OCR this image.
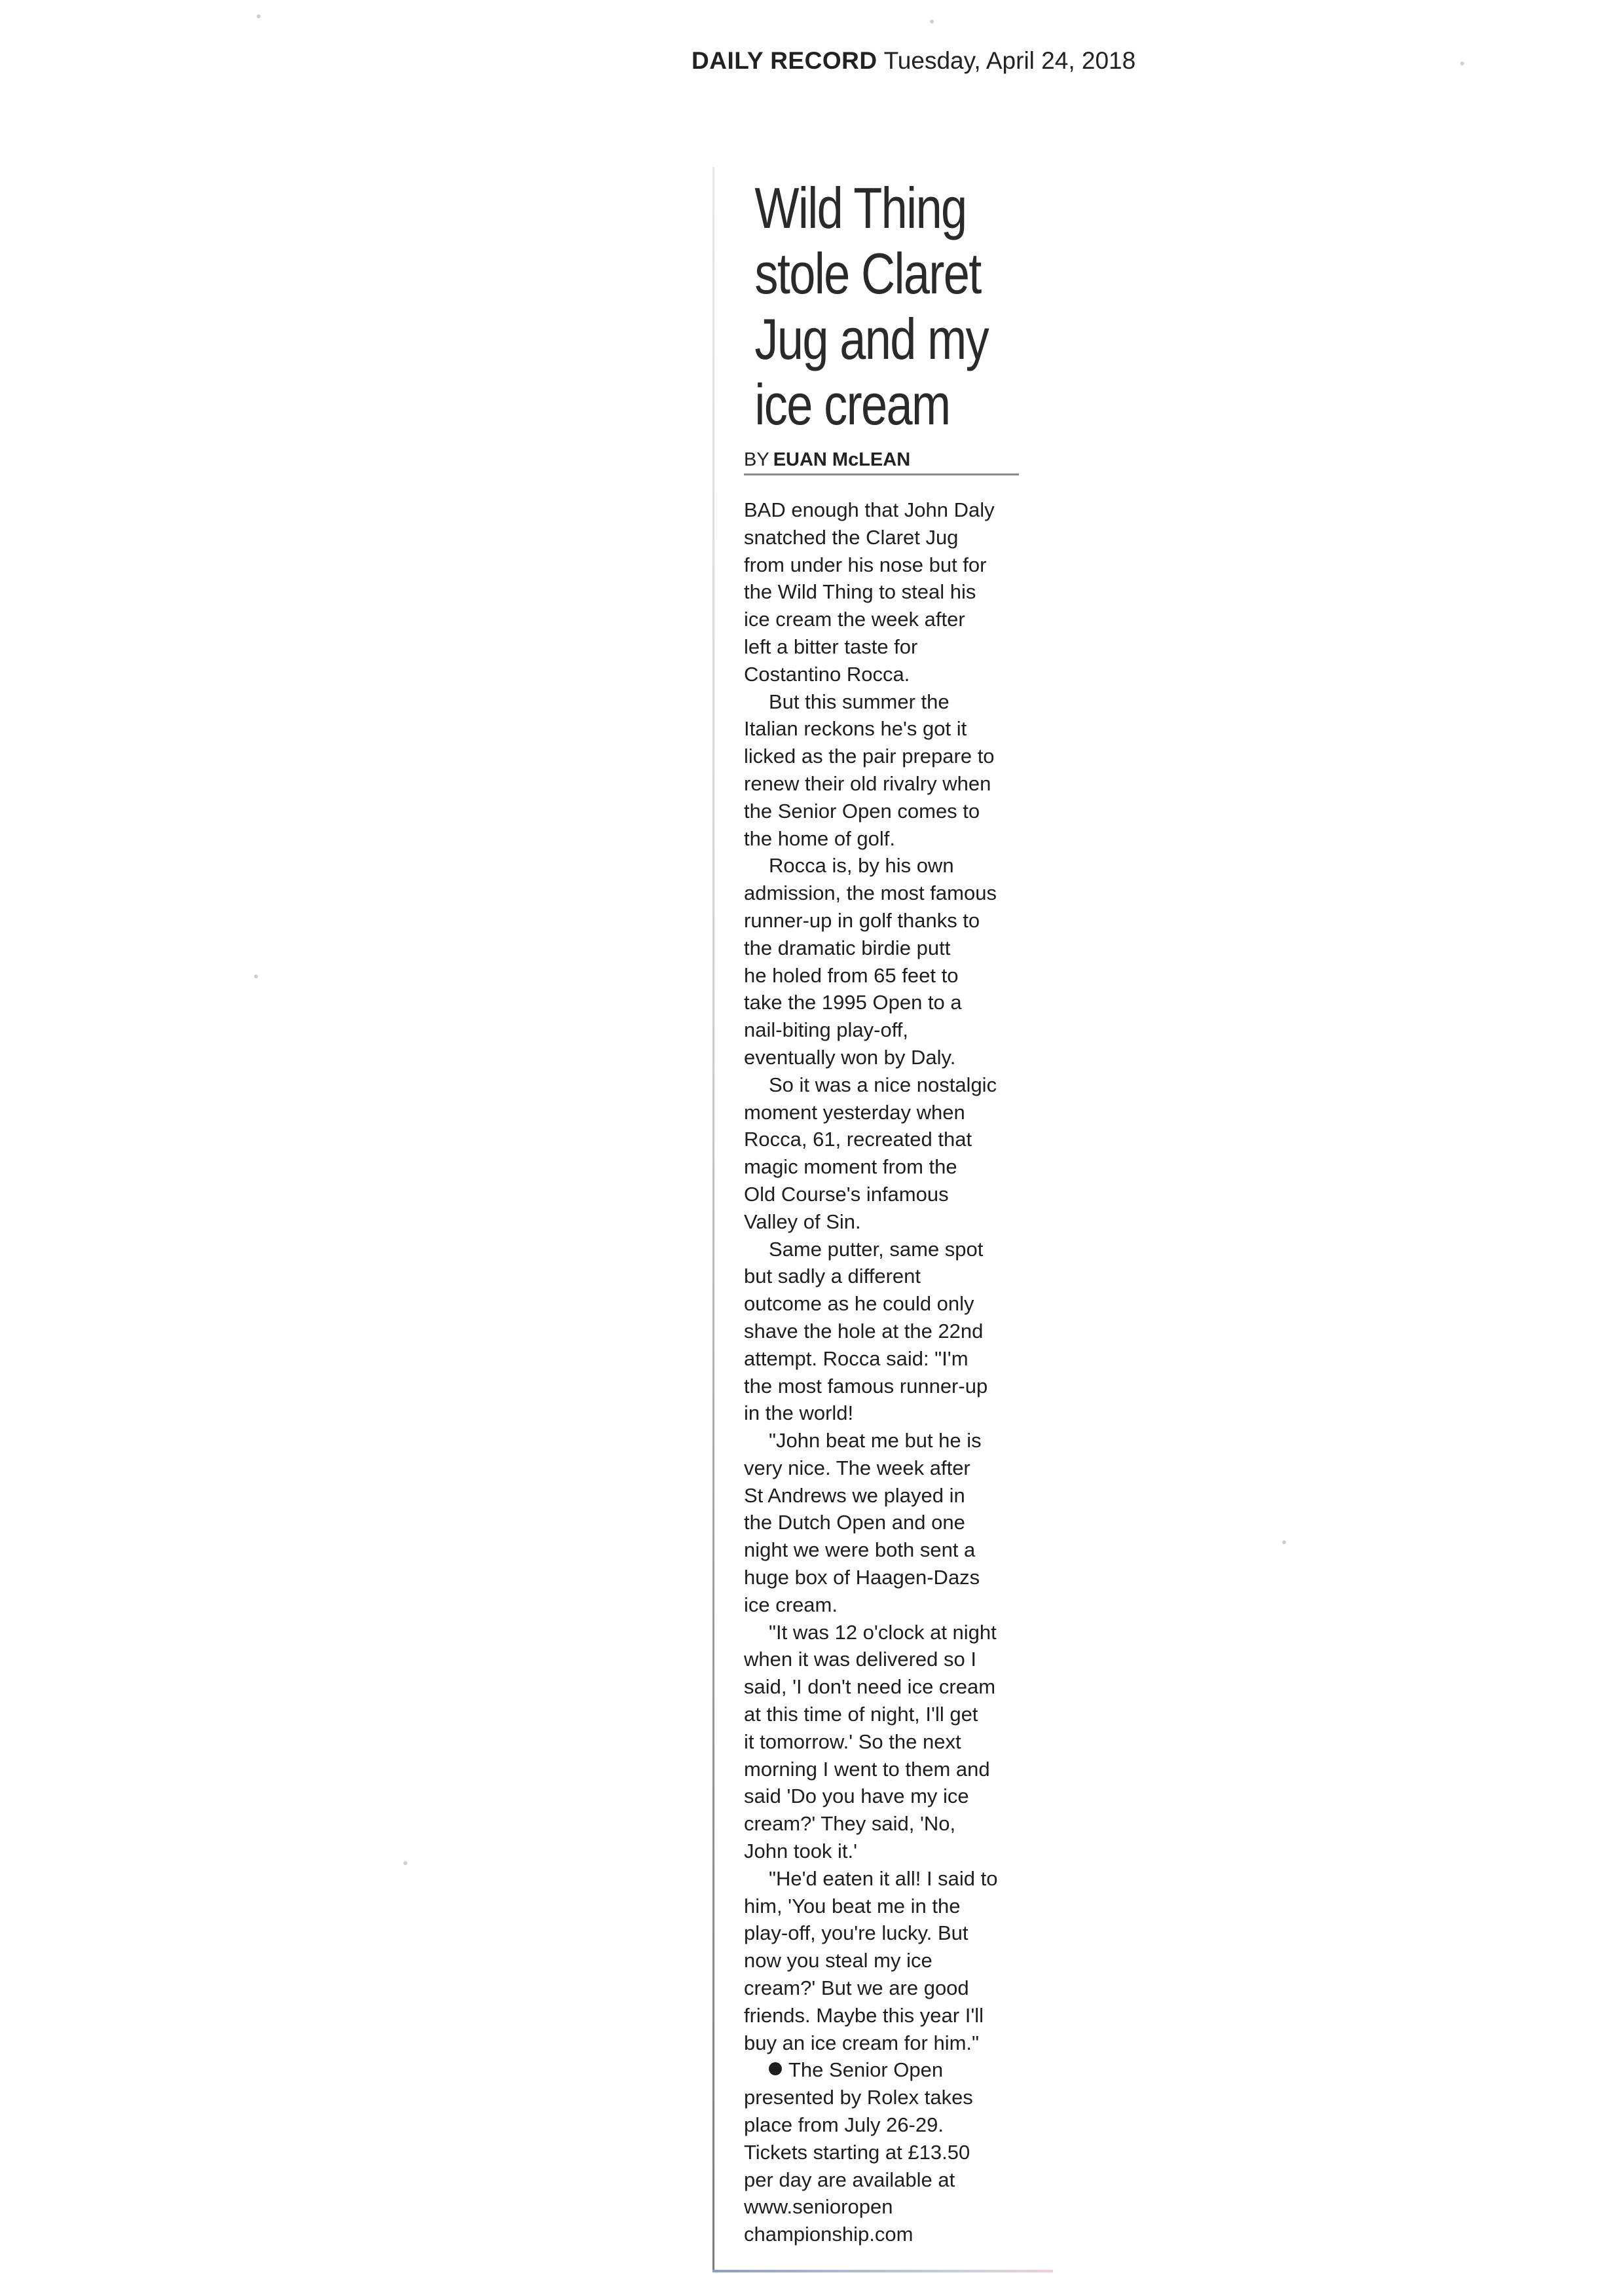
DAILY RECORD Tuesday, April 24, 2018
Wild Thing stole Claret Jug and my ice cream
BY EUAN McLEAN

BAD enough that John Daly
snatched the Claret Jug
from under his nose but for
the Wild Thing to steal his
ice cream the week after
left a bitter taste for
Costantino Rocca.

But this summer the
Italian reckons he's got it
licked as the pair prepare to
renew their old rivalry when
the Senior Open comes to
the home of golf.

Rocca is, by his own
admission, the most famous
runner-up in golf thanks to
the dramatic birdie putt
he holed from 65 feet to
take the 1995 Open to a
nail-biting play-off,
eventually won by Daly.

So it was a nice nostalgic
moment yesterday when
Rocca, 61, recreated that
magic moment from the
Old Course's infamous
Valley of Sin.

Same putter, same spot
but sadly a different
outcome as he could only
shave the hole at the 22nd
attempt. Rocca said: "I'm
the most famous runner-up
in the world!

"John beat me but he is
very nice. The week after
St Andrews we played in
the Dutch Open and one
night we were both sent a
huge box of Haagen-Dazs
ice cream.

"It was 12 o'clock at night
when it was delivered so I
said, 'I don't need ice cream
at this time of night, I'll get
it tomorrow.' So the next
morning I went to them and
said 'Do you have my ice
cream?' They said, 'No,
John took it.'

"He'd eaten it all! I said to
him, 'You beat me in the
play-off, you're lucky. But
now you steal my ice
cream?' But we are good
friends. Maybe this year I'll
buy an ice cream for him."

The Senior Open
presented by Rolex takes
place from July 26-29.
Tickets starting at £13.50
per day are available at
www.senioropen
championship.com
